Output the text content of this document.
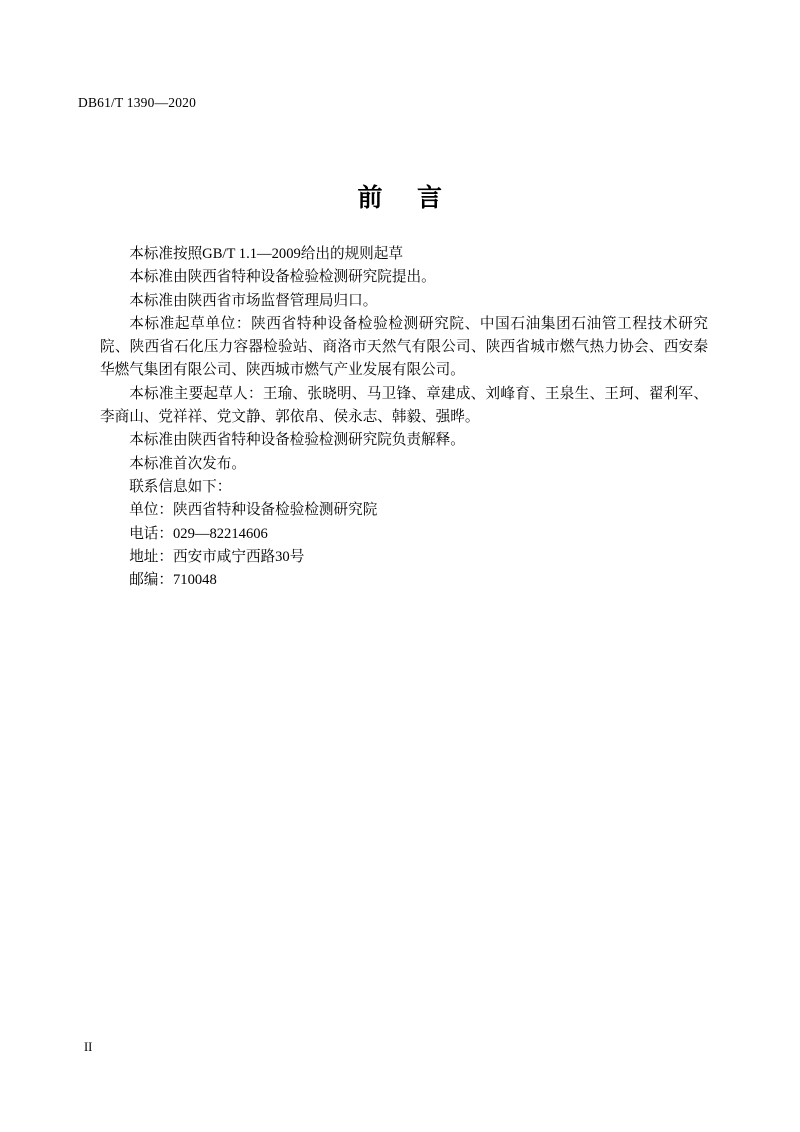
DB61/T 1390—2020
前 言

本标准按照GB/T 1.1—2009给出的规则起草

本标准由陕西省特种设备检验检测研究院提出。

本标准由陕西省市场监督管理局归口。

本标准起草单位：陕西省特种设备检验检测研究院、中国石油集团石油管工程技术研究院、陕西省石化压力容器检验站、商洛市天然气有限公司、陕西省城市燃气热力协会、西安秦华燃气集团有限公司、陕西城市燃气产业发展有限公司。

本标准主要起草人：王瑜、张晓明、马卫锋、章建成、刘峰育、王泉生、王珂、翟利军、李商山、党祥祥、党文静、郭依帛、侯永志、韩毅、强晔。

本标准由陕西省特种设备检验检测研究院负责解释。

本标准首次发布。

联系信息如下：

单位：陕西省特种设备检验检测研究院

电话：029—82214606

地址：西安市咸宁西路30号

邮编：710048

II
